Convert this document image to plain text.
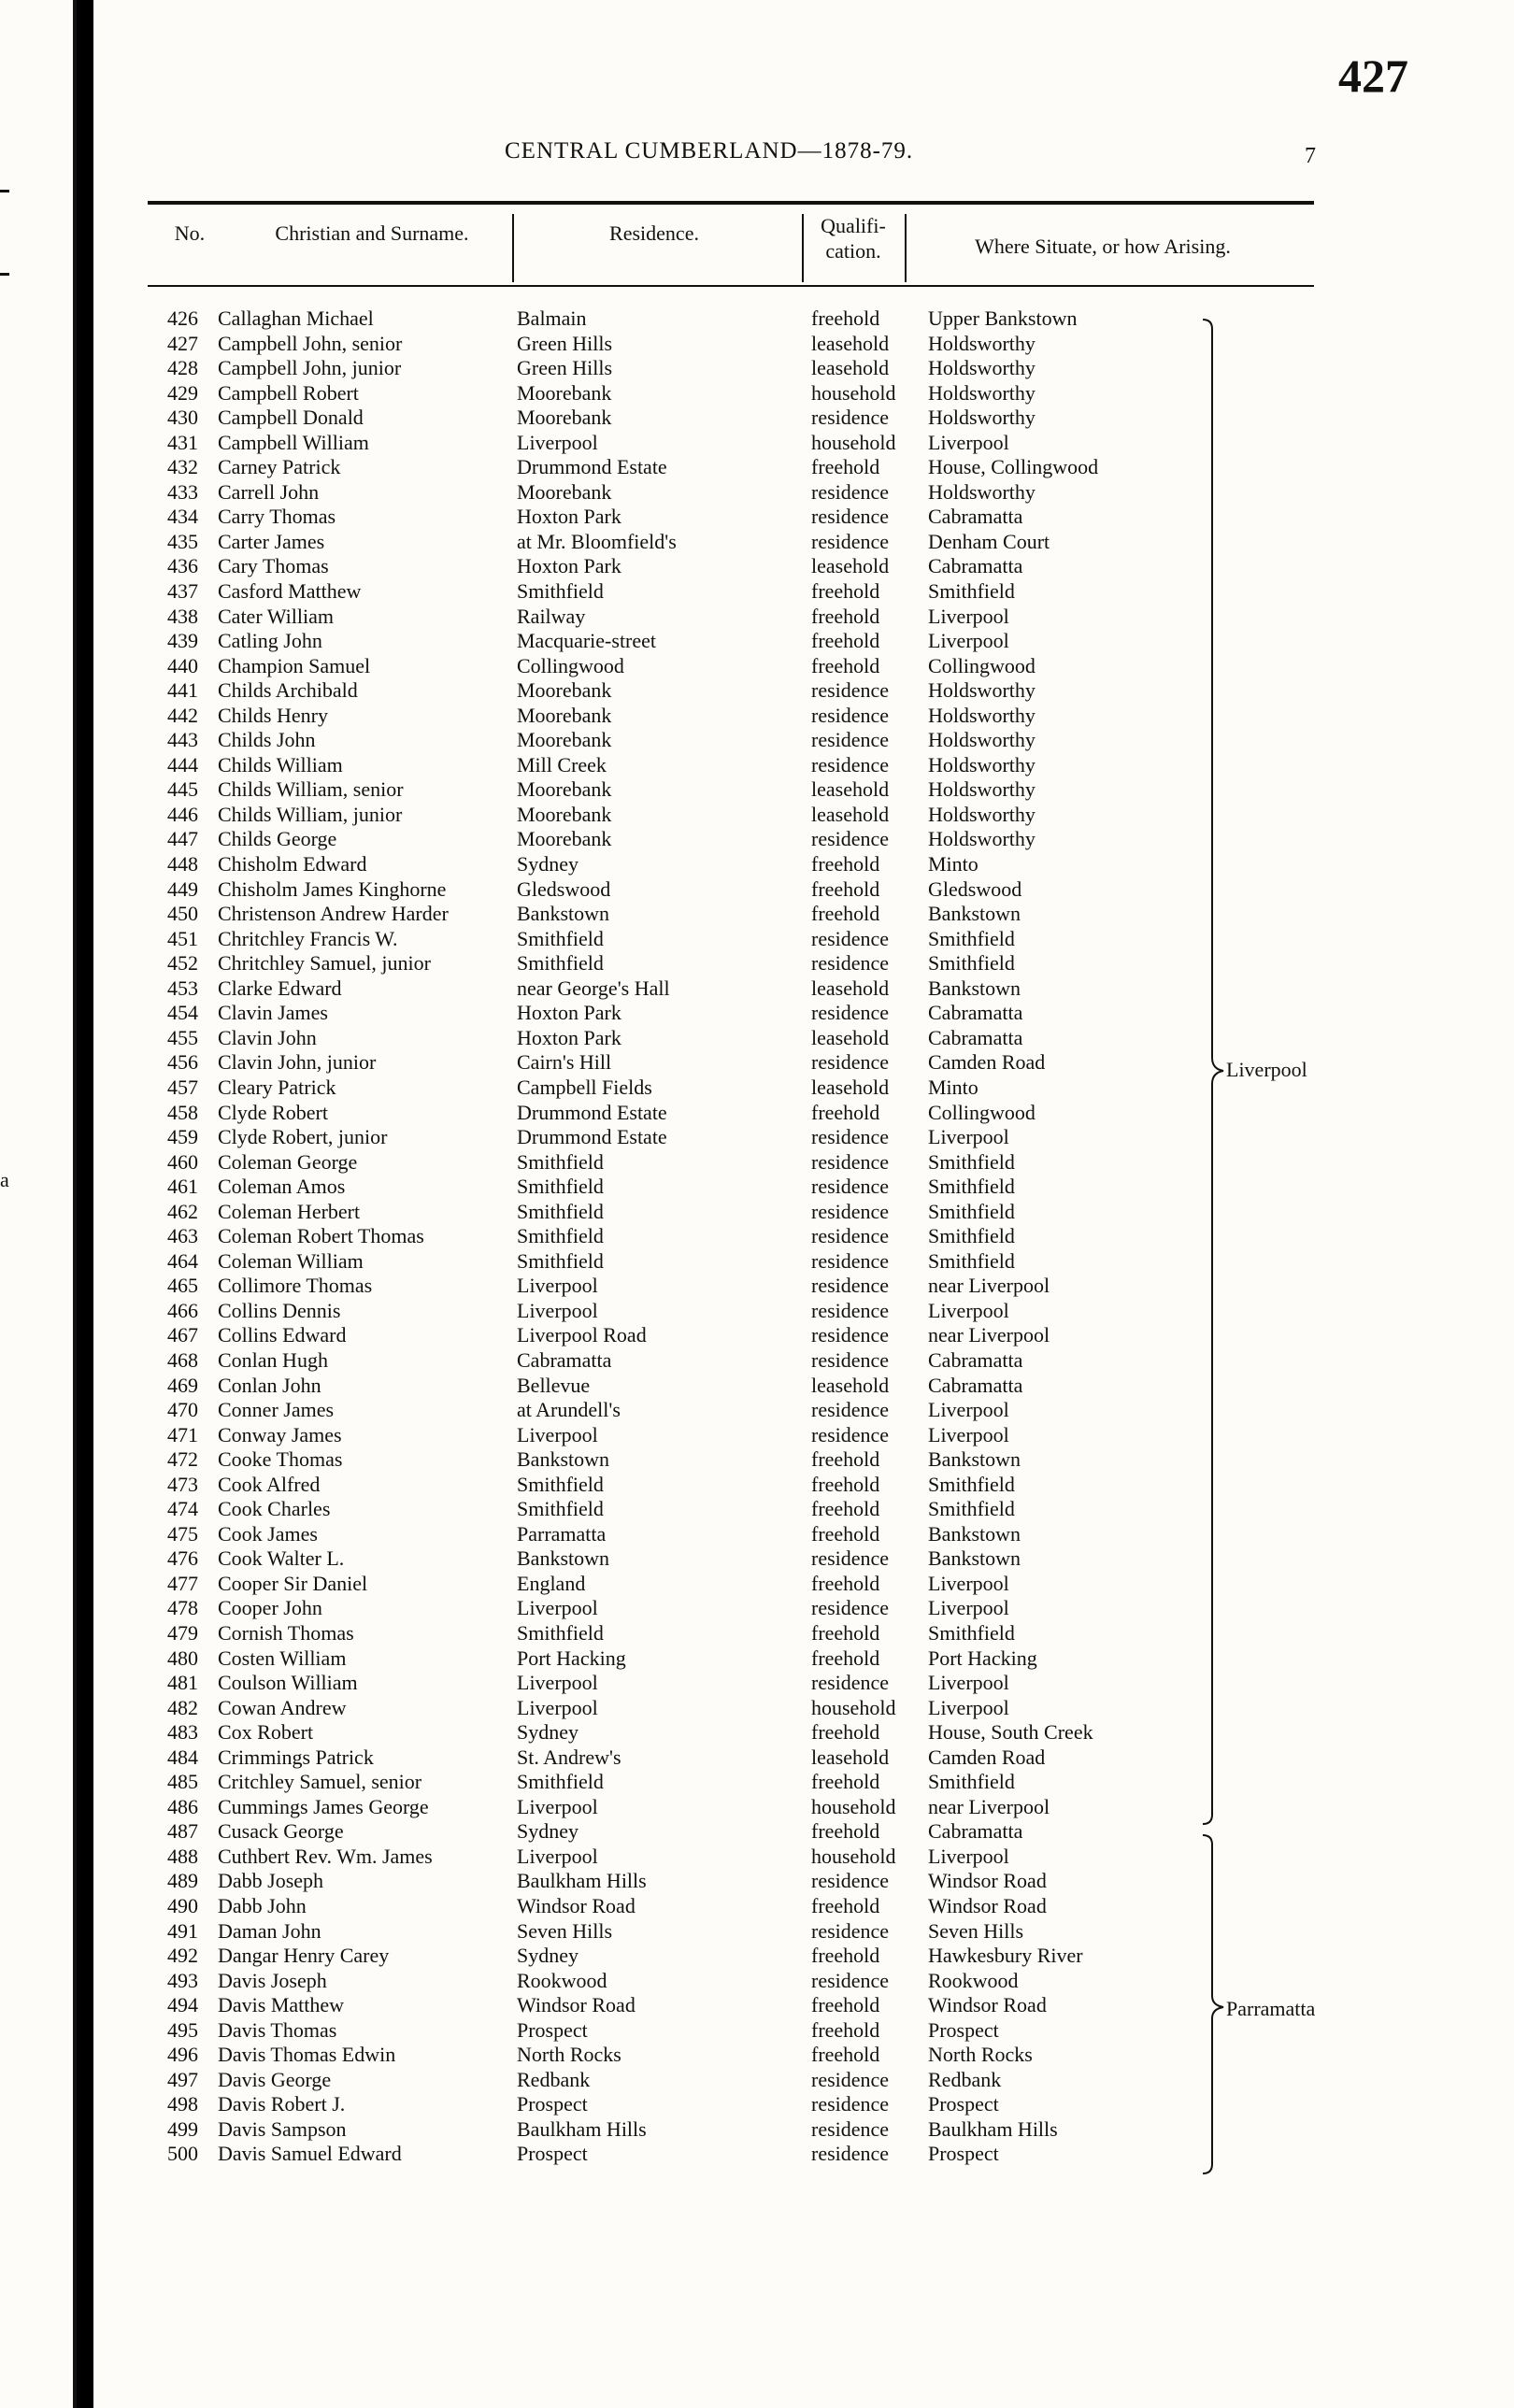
a
427
CENTRAL CUMBERLAND—1878-79.	7
No.	Christian and Surname.	Residence.	Qualifi-
cation.	Where Situate, or how Arising.
426 Callaghan Michael	Balmain	freehold Upper Bankstown
427 Campbell John, senior	Green Hills	leasehold Holdsworthy
428 Campbell John, junior	Green Hills	leasehold Holdsworthy
429 Campbell Robert	Moorebank	household Holdsworthy
430 Campbell Donald	Moorebank	residence Holdsworthy
431 Campbell William	Liverpool	household Liverpool
432 Carney Patrick	Drummond Estate	freehold House, Collingwood
433 Carrell John	Moorebank	residence Holdsworthy
434 Carry Thomas	Hoxton Park	residence Cabramatta
435 Carter James	at Mr. Bloomfield's	residence Denham Court
436 Cary Thomas	Hoxton Park	leasehold Cabramatta
437 Casford Matthew	Smithfield	freehold Smithfield
438 Cater William	Railway	freehold Liverpool
439 Catling John	Macquarie-street	freehold Liverpool
440 Champion Samuel	Collingwood	freehold Collingwood
441 Childs Archibald	Moorebank	residence Holdsworthy
442 Childs Henry	Moorebank	residence Holdsworthy
443 Childs John	Moorebank	residence Holdsworthy
444 Childs William	Mill Creek	residence Holdsworthy
445 Childs William, senior	Moorebank	leasehold Holdsworthy
446 Childs William, junior	Moorebank	leasehold Holdsworthy
447 Childs George	Moorebank	residence Holdsworthy
448 Chisholm Edward	Sydney	freehold Minto
449 Chisholm James Kinghorne	Gledswood	freehold Gledswood
450 Christenson Andrew Harder	Bankstown	freehold Bankstown
451 Chritchley Francis W.	Smithfield	residence Smithfield
452 Chritchley Samuel, junior	Smithfield	residence Smithfield
453 Clarke Edward	near George's Hall	leasehold Bankstown
454 Clavin James	Hoxton Park	residence Cabramatta
455 Clavin John	Hoxton Park	leasehold Cabramatta
456 Clavin John, junior	Cairn's Hill	residence Camden Road
457 Cleary Patrick	Campbell Fields	leasehold Minto
458 Clyde Robert	Drummond Estate	freehold Collingwood
459 Clyde Robert, junior	Drummond Estate	residence Liverpool
460 Coleman George	Smithfield	residence Smithfield
461 Coleman Amos	Smithfield	residence Smithfield
462 Coleman Herbert	Smithfield	residence Smithfield
463 Coleman Robert Thomas	Smithfield	residence Smithfield
464 Coleman William	Smithfield	residence Smithfield
465 Collimore Thomas	Liverpool	residence near Liverpool
466 Collins Dennis	Liverpool	residence Liverpool
467 Collins Edward	Liverpool Road	residence near Liverpool
468 Conlan Hugh	Cabramatta	residence Cabramatta
469 Conlan John	Bellevue	leasehold Cabramatta
470 Conner James	at Arundell's	residence Liverpool
471 Conway James	Liverpool	residence Liverpool
472 Cooke Thomas	Bankstown	freehold Bankstown
473 Cook Alfred	Smithfield	freehold Smithfield
474 Cook Charles	Smithfield	freehold Smithfield
475 Cook James	Parramatta	freehold Bankstown
476 Cook Walter L.	Bankstown	residence Bankstown
477 Cooper Sir Daniel	England	freehold Liverpool
478 Cooper John	Liverpool	residence Liverpool
479 Cornish Thomas	Smithfield	freehold Smithfield
480 Costen William	Port Hacking	freehold Port Hacking
481 Coulson William	Liverpool	residence Liverpool
482 Cowan Andrew	Liverpool	household Liverpool
483 Cox Robert	Sydney	freehold House, South Creek
484 Crimmings Patrick	St. Andrew's	leasehold Camden Road
485 Critchley Samuel, senior	Smithfield	freehold Smithfield
486 Cummings James George	Liverpool	household near Liverpool
487 Cusack George	Sydney	freehold Cabramatta
488 Cuthbert Rev. Wm. James	Liverpool	household Liverpool
489 Dabb Joseph	Baulkham Hills	residence Windsor Road
490 Dabb John	Windsor Road	freehold Windsor Road
491 Daman John	Seven Hills	residence Seven Hills
492 Dangar Henry Carey	Sydney	freehold Hawkesbury River
493 Davis Joseph	Rookwood	residence Rookwood
494 Davis Matthew	Windsor Road	freehold Windsor Road
495 Davis Thomas	Prospect	freehold Prospect
496 Davis Thomas Edwin	North Rocks	freehold North Rocks
497 Davis George	Redbank	residence Redbank
498 Davis Robert J.	Prospect	residence Prospect
499 Davis Sampson	Baulkham Hills	residence Baulkham Hills
500 Davis Samuel Edward	Prospect	residence Prospect
Liverpool
Parramatta
